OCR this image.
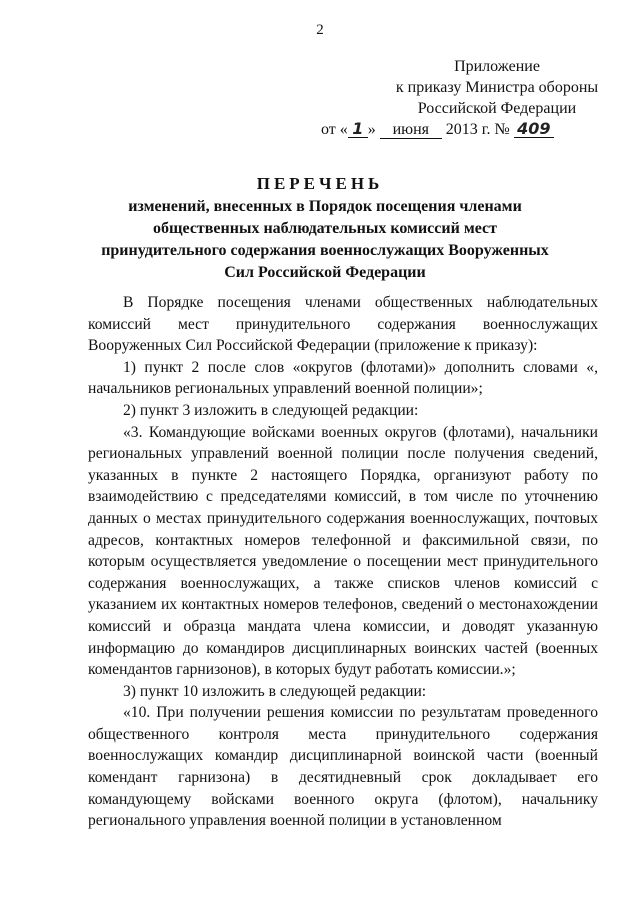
2
Приложение
к приказу Министра обороны
Российской Федерации
от « 1 » июня 2013 г. № 409
ПЕРЕЧЕНЬ
изменений, внесенных в Порядок посещения членами общественных наблюдательных комиссий мест принудительного содержания военнослужащих Вооруженных Сил Российской Федерации

В Порядке посещения членами общественных наблюдательных комиссий мест принудительного содержания военнослужащих Вооруженных Сил Российской Федерации (приложение к приказу):

1) пункт 2 после слов «округов (флотами)» дополнить словами «, начальников региональных управлений военной полиции»;

2) пункт 3 изложить в следующей редакции:

«3. Командующие войсками военных округов (флотами), начальники региональных управлений военной полиции после получения сведений, указанных в пункте 2 настоящего Порядка, организуют работу по взаимодействию с председателями комиссий, в том числе по уточнению данных о местах принудительного содержания военнослужащих, почтовых адресов, контактных номеров телефонной и факсимильной связи, по которым осуществляется уведомление о посещении мест принудительного содержания военнослужащих, а также списков членов комиссий с указанием их контактных номеров телефонов, сведений о местонахождении комиссий и образца мандата члена комиссии, и доводят указанную информацию до командиров дисциплинарных воинских частей (военных комендантов гарнизонов), в которых будут работать комиссии.»;

3) пункт 10 изложить в следующей редакции:

«10. При получении решения комиссии по результатам проведенного общественного контроля места принудительного содержания военнослужащих командир дисциплинарной воинской части (военный комендант гарнизона) в десятидневный срок докладывает его командующему войсками военного округа (флотом), начальнику регионального управления военной полиции в установленном
